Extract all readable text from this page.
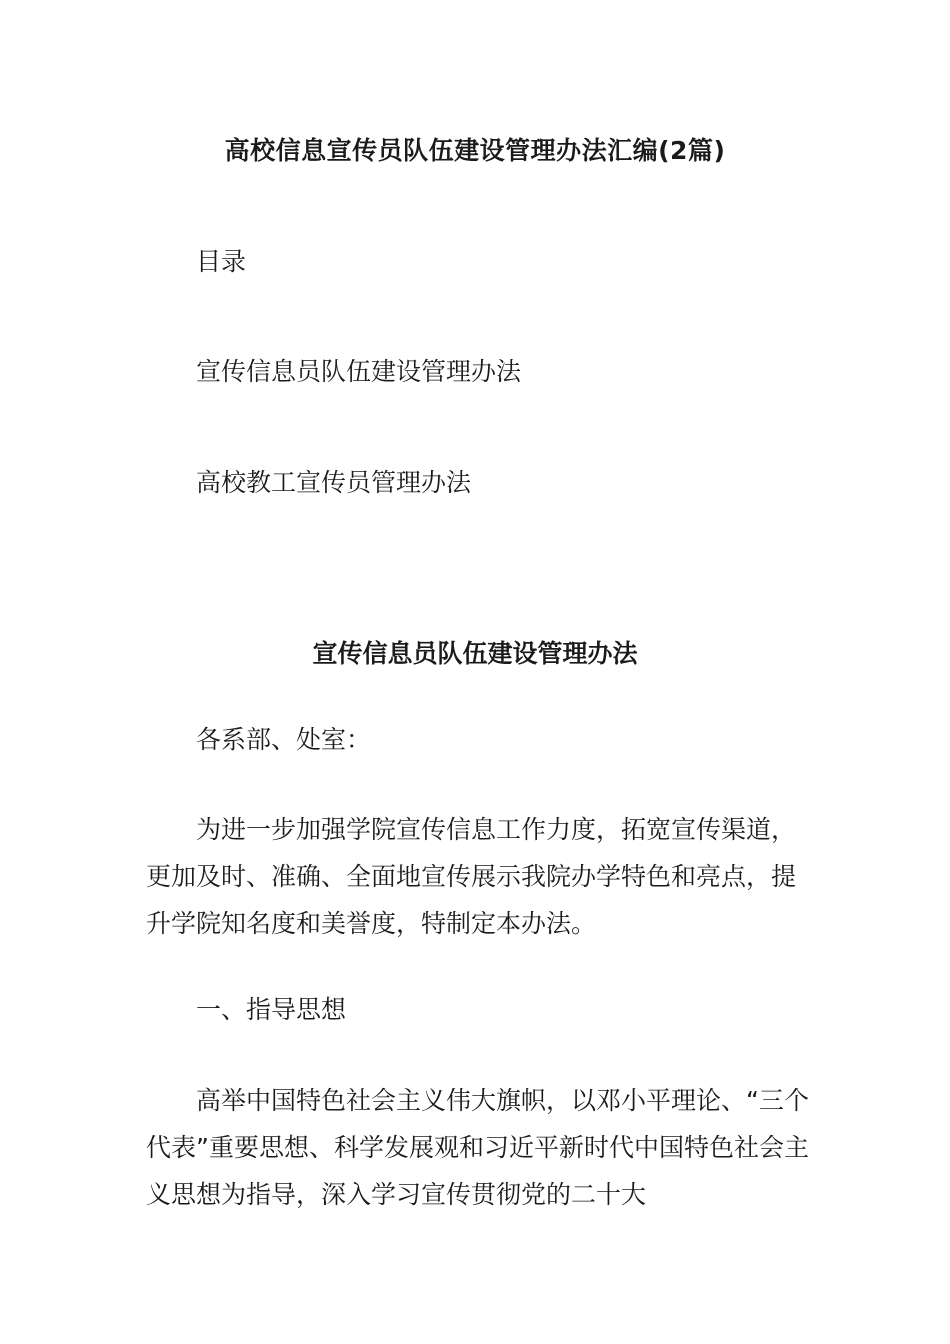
高校信息宣传员队伍建设管理办法汇编(2篇)
目录
宣传信息员队伍建设管理办法
高校教工宣传员管理办法
宣传信息员队伍建设管理办法
各系部、处室：

为进一步加强学院宣传信息工作力度，拓宽宣传渠道，更加及时、准确、全面地宣传展示我院办学特色和亮点，提升学院知名度和美誉度，特制定本办法。

一、指导思想

高举中国特色社会主义伟大旗帜，以邓小平理论、“三个代表”重要思想、科学发展观和习近平新时代中国特色社会主义思想为指导，深入学习宣传贯彻党的二十大
